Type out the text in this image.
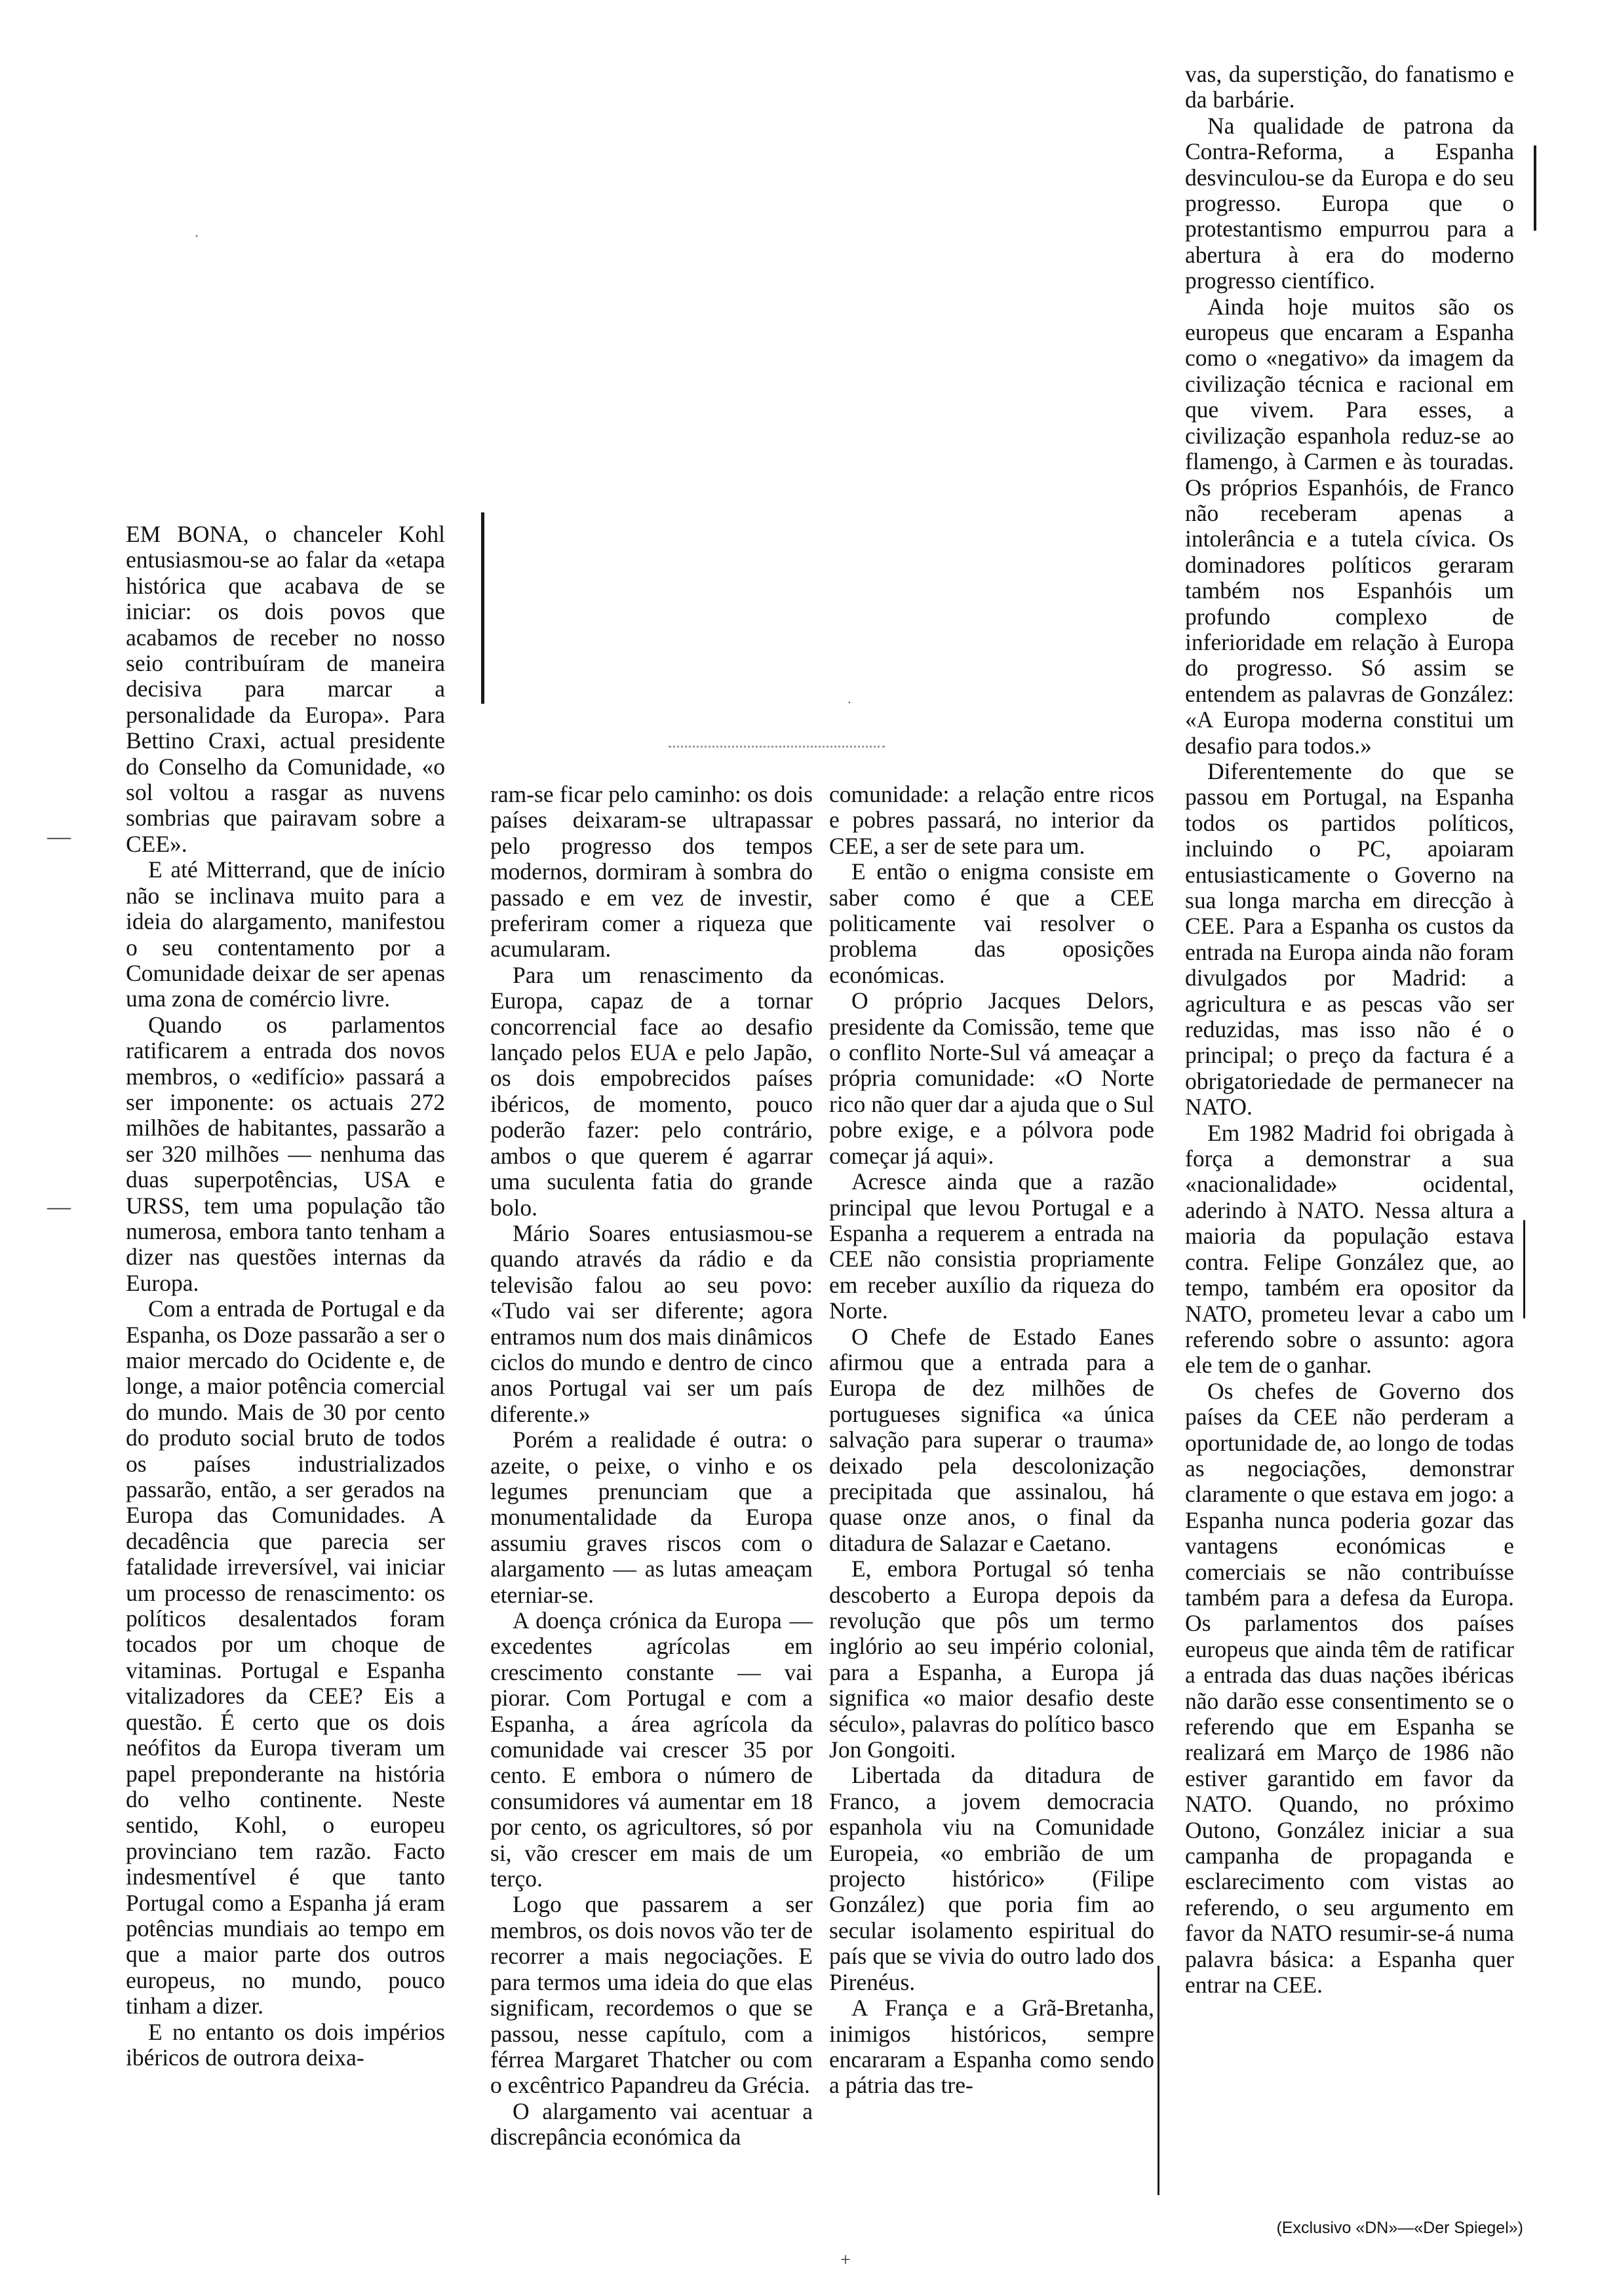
EM BONA, o chanceler Kohl entusiasmou-se ao falar da «etapa histórica que acabava de se iniciar: os dois povos que acabamos de receber no nosso seio contribuíram de maneira decisiva para marcar a personalidade da Europa». Para Bettino Craxi, actual presidente do Conselho da Comunidade, «o sol voltou a rasgar as nuvens sombrias que pairavam sobre a CEE».

E até Mitterrand, que de início não se inclinava muito para a ideia do alargamento, manifestou o seu contentamento por a Comunidade deixar de ser apenas uma zona de comércio livre.

Quando os parlamentos ratificarem a entrada dos novos membros, o «edifício» passará a ser imponente: os actuais 272 milhões de habitantes, passarão a ser 320 milhões — nenhuma das duas superpotências, USA e URSS, tem uma população tão numerosa, embora tanto tenham a dizer nas questões internas da Europa.

Com a entrada de Portugal e da Espanha, os Doze passarão a ser o maior mercado do Ocidente e, de longe, a maior potência comercial do mundo. Mais de 30 por cento do produto social bruto de todos os países industrializados passarão, então, a ser gerados na Europa das Comunidades. A decadência que parecia ser fatalidade irreversível, vai iniciar um processo de renascimento: os políticos desalentados foram tocados por um choque de vitaminas. Portugal e Espanha vitalizadores da CEE? Eis a questão. É certo que os dois neófitos da Europa tiveram um papel preponderante na história do velho continente. Neste sentido, Kohl, o europeu provinciano tem razão. Facto indesmentível é que tanto Portugal como a Espanha já eram potências mundiais ao tempo em que a maior parte dos outros europeus, no mundo, pouco tinham a dizer.

E no entanto os dois impérios ibéricos de outrora deixa-

ram-se ficar pelo caminho: os dois países deixaram-se ultrapassar pelo progresso dos tempos modernos, dormiram à sombra do passado e em vez de investir, preferiram comer a riqueza que acumularam.

Para um renascimento da Europa, capaz de a tornar concorrencial face ao desafio lançado pelos EUA e pelo Japão, os dois empobrecidos países ibéricos, de momento, pouco poderão fazer: pelo contrário, ambos o que querem é agarrar uma suculenta fatia do grande bolo.

Mário Soares entusiasmou-se quando através da rádio e da televisão falou ao seu povo: «Tudo vai ser diferente; agora entramos num dos mais dinâmicos ciclos do mundo e dentro de cinco anos Portugal vai ser um país diferente.»

Porém a realidade é outra: o azeite, o peixe, o vinho e os legumes prenunciam que a monumentalidade da Europa assumiu graves riscos com o alargamento — as lutas ameaçam eterniar-se.

A doença crónica da Europa — excedentes agrícolas em crescimento constante — vai piorar. Com Portugal e com a Espanha, a área agrícola da comunidade vai crescer 35 por cento. E embora o número de consumidores vá aumentar em 18 por cento, os agricultores, só por si, vão crescer em mais de um terço.

Logo que passarem a ser membros, os dois novos vão ter de recorrer a mais negociações. E para termos uma ideia do que elas significam, recordemos o que se passou, nesse capítulo, com a férrea Margaret Thatcher ou com o excêntrico Papandreu da Grécia.

O alargamento vai acentuar a discrepância económica da

comunidade: a relação entre ricos e pobres passará, no interior da CEE, a ser de sete para um.

E então o enigma consiste em saber como é que a CEE politicamente vai resolver o problema das oposições económicas.

O próprio Jacques Delors, presidente da Comissão, teme que o conflito Norte-Sul vá ameaçar a própria comunidade: «O Norte rico não quer dar a ajuda que o Sul pobre exige, e a pólvora pode começar já aqui».

Acresce ainda que a razão principal que levou Portugal e a Espanha a requerem a entrada na CEE não consistia propriamente em receber auxílio da riqueza do Norte.

O Chefe de Estado Eanes afirmou que a entrada para a Europa de dez milhões de portugueses significa «a única salvação para superar o trauma» deixado pela descolonização precipitada que assinalou, há quase onze anos, o final da ditadura de Salazar e Caetano.

E, embora Portugal só tenha descoberto a Europa depois da revolução que pôs um termo inglório ao seu império colonial, para a Espanha, a Europa já significa «o maior desafio deste século», palavras do político basco Jon Gongoiti.

Libertada da ditadura de Franco, a jovem democracia espanhola viu na Comunidade Europeia, «o embrião de um projecto histórico» (Filipe González) que poria fim ao secular isolamento espiritual do país que se vivia do outro lado dos Pirenéus.

A França e a Grã-Bretanha, inimigos históricos, sempre encararam a Espanha como sendo a pátria das tre-

vas, da superstição, do fanatismo e da barbárie.

Na qualidade de patrona da Contra-Reforma, a Espanha desvinculou-se da Europa e do seu progresso. Europa que o protestantismo empurrou para a abertura à era do moderno progresso científico.

Ainda hoje muitos são os europeus que encaram a Espanha como o «negativo» da imagem da civilização técnica e racional em que vivem. Para esses, a civilização espanhola reduz-se ao flamengo, à Carmen e às touradas. Os próprios Espanhóis, de Franco não receberam apenas a intolerância e a tutela cívica. Os dominadores políticos geraram também nos Espanhóis um profundo complexo de inferioridade em relação à Europa do progresso. Só assim se entendem as palavras de González: «A Europa moderna constitui um desafio para todos.»

Diferentemente do que se passou em Portugal, na Espanha todos os partidos políticos, incluindo o PC, apoiaram entusiasticamente o Governo na sua longa marcha em direcção à CEE. Para a Espanha os custos da entrada na Europa ainda não foram divulgados por Madrid: a agricultura e as pescas vão ser reduzidas, mas isso não é o principal; o preço da factura é a obrigatoriedade de permanecer na NATO.

Em 1982 Madrid foi obrigada à força a demonstrar a sua «nacionalidade» ocidental, aderindo à NATO. Nessa altura a maioria da população estava contra. Felipe González que, ao tempo, também era opositor da NATO, prometeu levar a cabo um referendo sobre o assunto: agora ele tem de o ganhar.

Os chefes de Governo dos países da CEE não perderam a oportunidade de, ao longo de todas as negociações, demonstrar claramente o que estava em jogo: a Espanha nunca poderia gozar das vantagens económicas e comerciais se não contribuísse também para a defesa da Europa. Os parlamentos dos países europeus que ainda têm de ratificar a entrada das duas nações ibéricas não darão esse consentimento se o referendo que em Espanha se realizará em Março de 1986 não estiver garantido em favor da NATO. Quando, no próximo Outono, González iniciar a sua campanha de propaganda e esclarecimento com vistas ao referendo, o seu argumento em favor da NATO resumir-se-á numa palavra básica: a Espanha quer entrar na CEE.

(Exclusivo «DN»—«Der Spiegel»)
—
—
·
·
+
